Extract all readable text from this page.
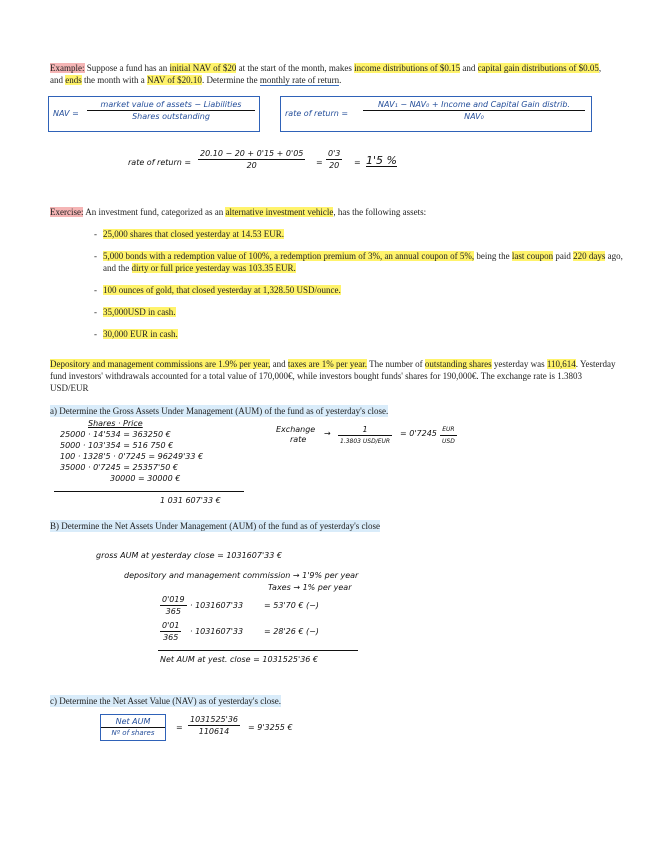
Example: Suppose a fund has an initial NAV of $20 at the start of the month, makes income distributions of $0.15 and capital gain distributions of $0.05, and ends the month with a NAV of $20.10. Determine the monthly rate of return.
NAV =
market value of assets − Liabilities
Shares outstanding	rate of return =
NAV₁ − NAV₀ + Income and Capital Gain distrib.
NAV₀
rate of return = $\frac{20.10 - 20 + 0'15 + 0'05}{20} = \frac{0'3}{20} = 1'5$ %
Exercise: An investment fund, categorized as an alternative investment vehicle, has the following assets:
- 25,000 shares that closed yesterday at 14.53 EUR.
- 5,000 bonds with a redemption value of 100%, a redemption premium of 3%, an annual coupon of 5%, being the last coupon paid 220 days ago, and the dirty or full price yesterday was 103.35 EUR.
- 100 ounces of gold, that closed yesterday at 1,328.50 USD/ounce.
- 35,000USD in cash.
- 30,000 EUR in cash.
Depository and management commissions are 1.9% per year, and taxes are 1% per year. The number of outstanding shares yesterday was 110,614. Yesterday fund investors' withdrawals accounted for a total value of 170,000€, while investors bought funds' shares for 190,000€. The exchange rate is 1.3803 USD/EUR
a) Determine the Gross Assets Under Management (AUM) of the fund as of yesterday's close.
Shares · Price
25000 · 14'534 = 363250 €
5000 · 103'354 = 516 750 €
100 · 1328'5 · 0'7245 = 96249'33 €
35000 · 0'7245 = 25357'50 €
30000 = 30000 €
1 031 607'33 €
Exchange
rate
→	1
1.3803 USD/EUR
= 0'7245 EUR
USD
B) Determine the Net Assets Under Management (AUM) of the fund as of yesterday's close
gross AUM at yesterday close = 1031607'33 €
depository and management commission → 1'9% per year
Taxes → 1% per year
$\frac{0'019}{365} \cdot 1031607'33$	= 53'70 € (−)
$\frac{0'01}{365} \cdot 1031607'33$	= 28'26 € (−)
Net AUM at yest. close = 1031525'36 €
c) Determine the Net Asset Value (NAV) as of yesterday's close.
Net AUM
Nº of shares
= $\frac{1031525'36}{110614} = 9'3255$ €
